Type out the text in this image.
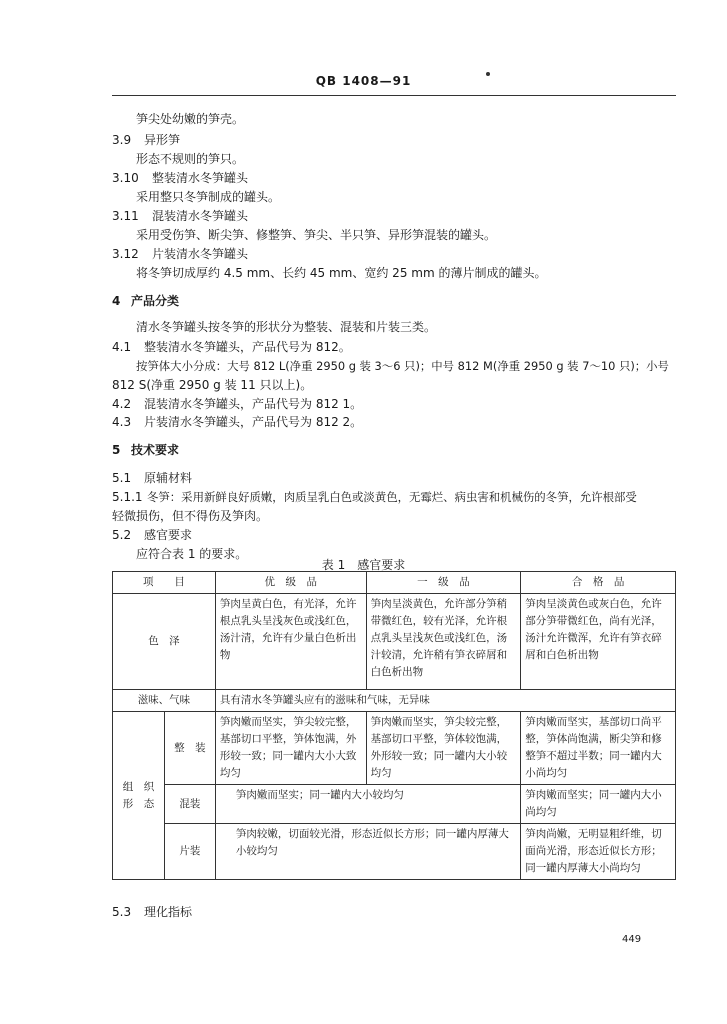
QB 1408—91
笋尖处幼嫩的笋壳。
3.9 异形笋
形态不规则的笋只。
3.10 整装清水冬笋罐头
采用整只冬笋制成的罐头。
3.11 混装清水冬笋罐头
采用受伤笋、断尖笋、修整笋、笋尖、半只笋、异形笋混装的罐头。
3.12 片装清水冬笋罐头
将冬笋切成厚约 4.5 mm、长约 45 mm、宽约 25 mm 的薄片制成的罐头。
4 产品分类
清水冬笋罐头按冬笋的形状分为整装、混装和片装三类。
4.1 整装清水冬笋罐头，产品代号为 812。
按笋体大小分成：大号 812 L(净重 2950 g 装 3～6 只)；中号 812 M(净重 2950 g 装 7～10 只)；小号
812 S(净重 2950 g 装 11 只以上)。
4.2 混装清水冬笋罐头，产品代号为 812 1。
4.3 片装清水冬笋罐头，产品代号为 812 2。
5 技术要求
5.1 原辅材料
5.1.1 冬笋：采用新鲜良好质嫩，肉质呈乳白色或淡黄色，无霉烂、病虫害和机械伤的冬笋，允许根部受
轻微损伤，但不得伤及笋肉。
5.2 感官要求
应符合表 1 的要求。
表 1　感官要求
项　　目		优　级　品	一　级　品	合　格　品
色　泽		笋肉呈黄白色，有光泽，允许根点乳头呈浅灰色或浅红色，汤汁清，允许有少量白色析出物	笋肉呈淡黄色，允许部分笋稍带微红色，较有光泽，允许根点乳头呈浅灰色或浅红色，汤汁较清，允许稍有笋衣碎屑和白色析出物	笋肉呈淡黄色或灰白色，允许部分笋带微红色，尚有光泽，汤汁允许微浑，允许有笋衣碎屑和白色析出物
滋味、气味		具有清水冬笋罐头应有的滋味和气味，无异味		
组　织
形　态	整　装	笋肉嫩而坚实，笋尖较完整，基部切口平整，笋体饱满，外形较一致；同一罐内大小大致均匀	笋肉嫩而坚实，笋尖较完整，基部切口平整，笋体较饱满，外形较一致；同一罐内大小较均匀	笋肉嫩而坚实，基部切口尚平整，笋体尚饱满，断尖笋和修整笋不超过半数；同一罐内大小尚均匀
	混装	笋肉嫩而坚实；同一罐内大小较均匀		笋肉嫩而坚实；同一罐内大小尚均匀
	片装	笋肉较嫩，切面较光滑，形态近似长方形；同一罐内厚薄大小较均匀		笋肉尚嫩，无明显粗纤维，切面尚光滑，形态近似长方形；同一罐内厚薄大小尚均匀
5.3 理化指标
449
